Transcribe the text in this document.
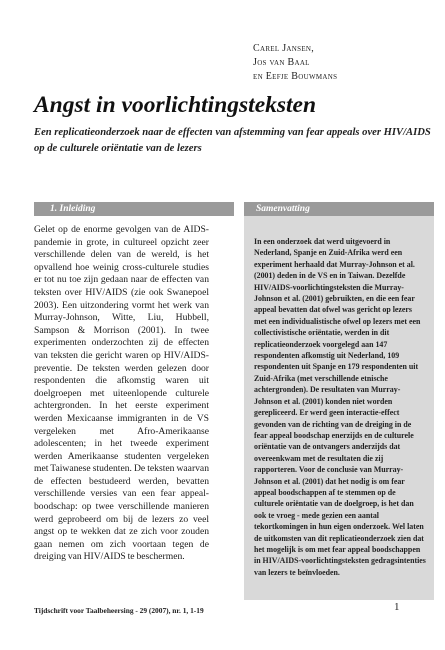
Carel Jansen,
Jos van Baal
en Eefje Bouwmans
Angst in voorlichtingsteksten

Een replicatieonderzoek naar de effecten van afstemming van fear appeals over HIV/AIDS op de culturele oriëntatie van de lezers

1. Inleiding

Gelet op de enorme gevolgen van de AIDS-pandemie in grote, in cultureel opzicht zeer verschillende delen van de wereld, is het opvallend hoe weinig cross-culturele studies er tot nu toe zijn gedaan naar de effecten van teksten over HIV/AIDS (zie ook Swanepoel 2003). Een uitzondering vormt het werk van Murray-Johnson, Witte, Liu, Hubbell, Sampson & Morrison (2001). In twee experimenten onderzochten zij de effecten van teksten die gericht waren op HIV/AIDS-preventie. De teksten werden gelezen door respondenten die afkomstig waren uit doelgroepen met uiteenlopende culturele achtergronden. In het eerste experiment werden Mexicaanse immigranten in de VS vergeleken met Afro-Amerikaanse adolescenten; in het tweede experiment werden Amerikaanse studenten vergeleken met Taiwanese studenten. De teksten waarvan de effecten bestudeerd werden, bevatten verschillende versies van een fear appeal-boodschap: op twee verschillende manieren werd geprobeerd om bij de lezers zo veel angst op te wekken dat ze zich voor zouden gaan nemen om zich voortaan tegen de dreiging van HIV/AIDS te beschermen.

Samenvatting

In een onderzoek dat werd uitgevoerd in Nederland, Spanje en Zuid-Afrika werd een experiment herhaald dat Murray-Johnson et al. (2001) deden in de VS en in Taiwan. Dezelfde HIV/AIDS-voorlichtingsteksten die Murray-Johnson et al. (2001) gebruikten, en die een fear appeal bevatten dat ofwel was gericht op lezers met een individualistische ofwel op lezers met een collectivistische oriëntatie, werden in dit replicatieonderzoek voorgelegd aan 147 respondenten afkomstig uit Nederland, 109 respondenten uit Spanje en 179 respondenten uit Zuid-Afrika (met verschillende etnische achtergronden). De resultaten van Murray-Johnson et al. (2001) konden niet worden gerepliceerd. Er werd geen interactie-effect gevonden van de richting van de dreiging in de fear appeal boodschap enerzijds en de culturele oriëntatie van de ontvangers anderzijds dat overeenkwam met de resultaten die zij rapporteren. Voor de conclusie van Murray-Johnson et al. (2001) dat het nodig is om fear appeal boodschappen af te stemmen op de culturele oriëntatie van de doelgroep, is het dan ook te vroeg - mede gezien een aantal tekortkomingen in hun eigen onderzoek. Wel laten de uitkomsten van dit replicatieonderzoek zien dat het mogelijk is om met fear appeal boodschappen in HIV/AIDS-voorlichtingsteksten gedragsintenties van lezers te beïnvloeden.

Tijdschrift voor Taalbeheersing - 29 (2007), nr. 1, 1-19	1
